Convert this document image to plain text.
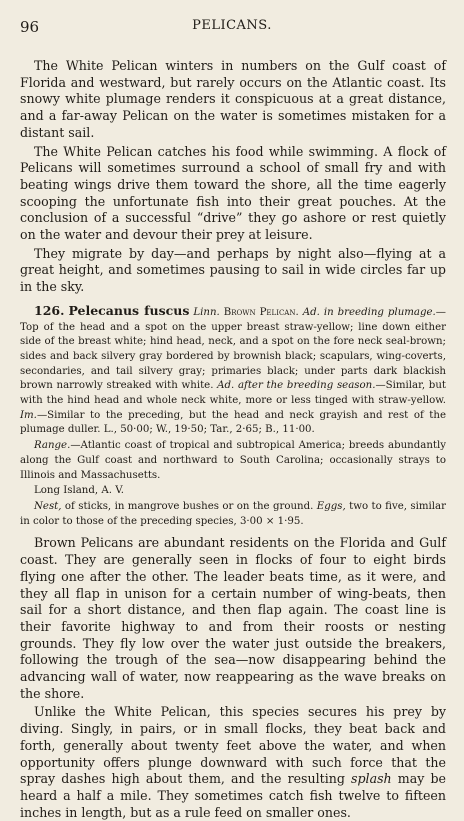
96	PELICANS.

The White Pelican winters in numbers on the Gulf coast of Florida and westward, but rarely occurs on the Atlantic coast. Its snowy white plumage renders it conspicuous at a great distance, and a far-away Pelican on the water is sometimes mistaken for a distant sail.

The White Pelican catches his food while swimming. A flock of Pelicans will sometimes surround a school of small fry and with beating wings drive them toward the shore, all the time eagerly scooping the unfortunate fish into their great pouches. At the conclusion of a successful “drive” they go ashore or rest quietly on the water and devour their prey at leisure.

They migrate by day—and perhaps by night also—flying at a great height, and sometimes pausing to sail in wide circles far up in the sky.

126. Pelecanus fuscus Linn. Brown Pelican. Ad. in breeding plumage.—Top of the head and a spot on the upper breast straw-yellow; line down either side of the breast white; hind head, neck, and a spot on the fore neck seal-brown; sides and back silvery gray bordered by brownish black; scapulars, wing-coverts, secondaries, and tail silvery gray; primaries black; under parts dark blackish brown narrowly streaked with white. Ad. after the breeding season.—Similar, but with the hind head and whole neck white, more or less tinged with straw-yellow. Im.—Similar to the preceding, but the head and neck grayish and rest of the plumage duller. L., 50·00; W., 19·50; Tar., 2·65; B., 11·00.

Range.—Atlantic coast of tropical and subtropical America; breeds abundantly along the Gulf coast and northward to South Carolina; occasionally strays to Illinois and Massachusetts.

Long Island, A. V.

Nest, of sticks, in mangrove bushes or on the ground. Eggs, two to five, similar in color to those of the preceding species, 3·00 × 1·95.

Brown Pelicans are abundant residents on the Florida and Gulf coast. They are generally seen in flocks of four to eight birds flying one after the other. The leader beats time, as it were, and they all flap in unison for a certain number of wing-beats, then sail for a short distance, and then flap again. The coast line is their favorite highway to and from their roosts or nesting grounds. They fly low over the water just outside the breakers, following the trough of the sea—now disappearing behind the advancing wall of water, now reappearing as the wave breaks on the shore.

Unlike the White Pelican, this species secures his prey by diving. Singly, in pairs, or in small flocks, they beat back and forth, generally about twenty feet above the water, and when opportunity offers plunge downward with such force that the spray dashes high about them, and the resulting splash may be heard a half a mile. They sometimes catch fish twelve to fifteen inches in length, but as a rule feed on smaller ones.
